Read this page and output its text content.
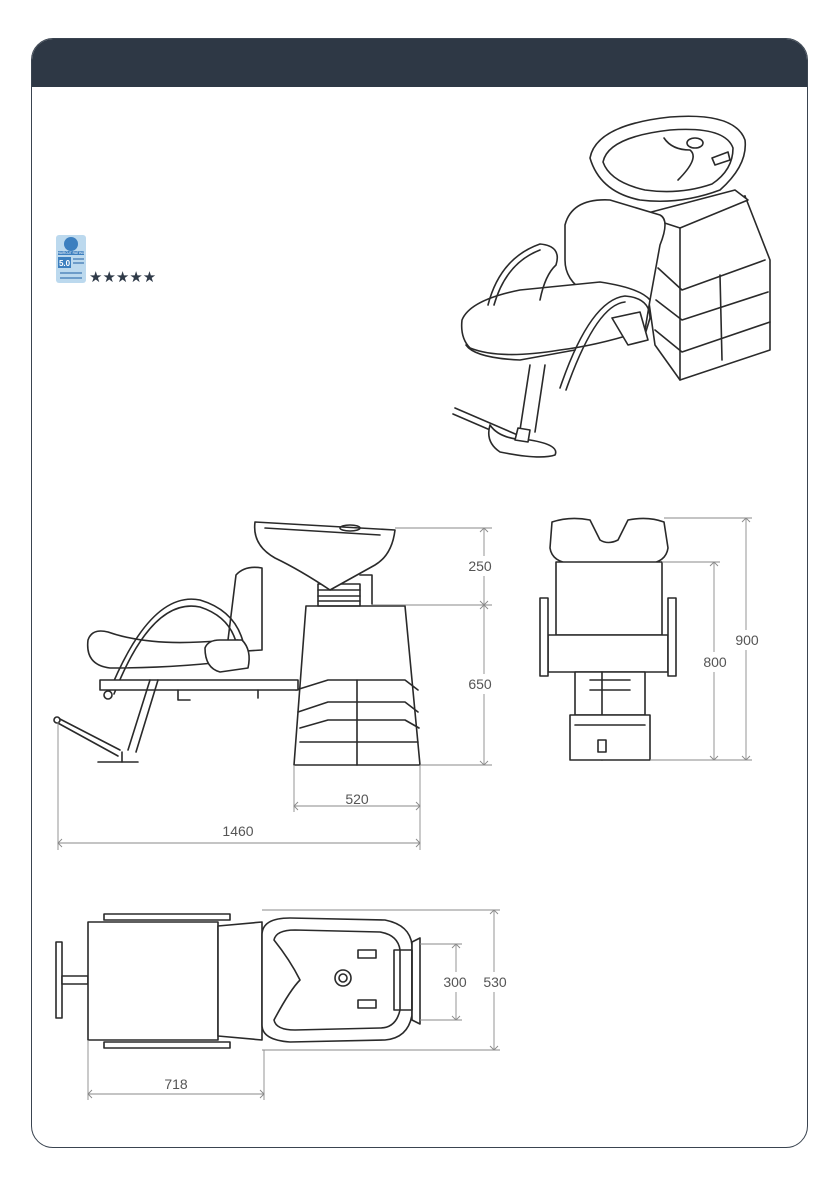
HAIRCUT RATING
5.0
★★★★★
250
650
520
1460
800
900
300 530
718
